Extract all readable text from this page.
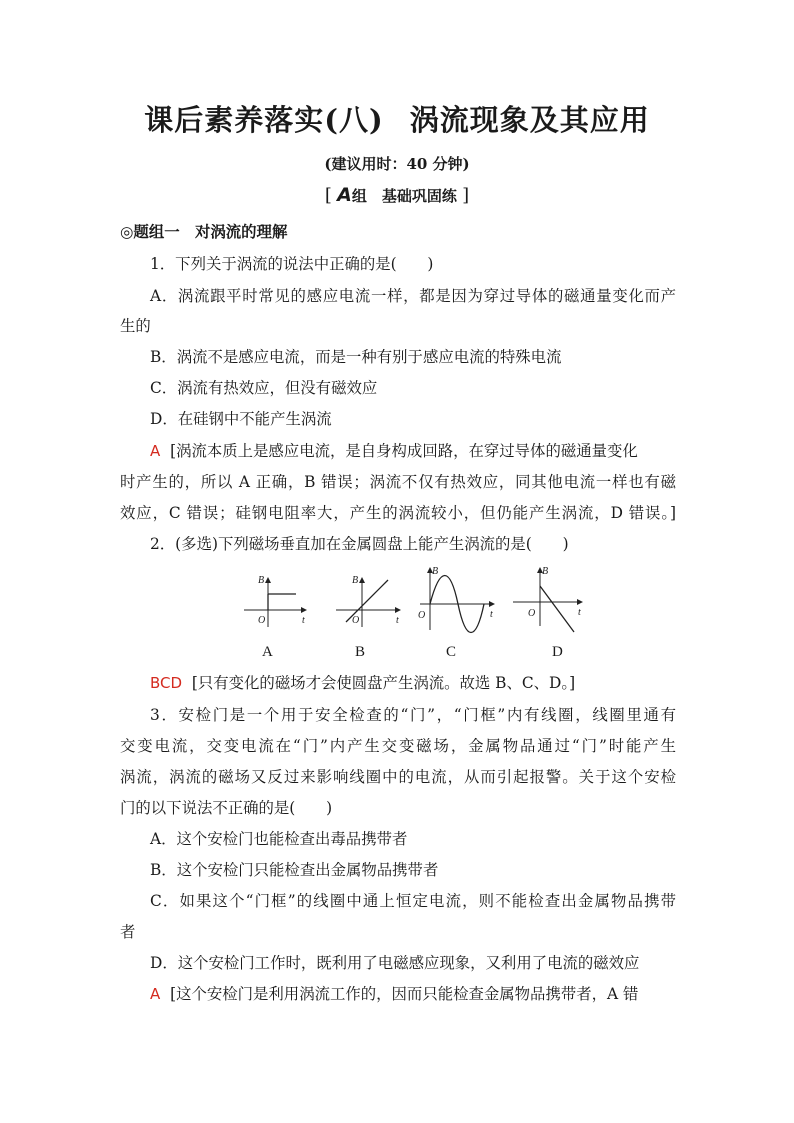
课后素养落实(八) 涡流现象及其应用
(建议用时：40 分钟)
[ A组　基础巩固练 ]
◎题组一　对涡流的理解
1．下列关于涡流的说法中正确的是(　　)
A．涡流跟平时常见的感应电流一样，都是因为穿过导体的磁通量变化而产
生的
B．涡流不是感应电流，而是一种有别于感应电流的特殊电流
C．涡流有热效应，但没有磁效应
D．在硅钢中不能产生涡流
A [涡流本质上是感应电流，是自身构成回路，在穿过导体的磁通量变化
时产生的，所以 A 正确，B 错误；涡流不仅有热效应，同其他电流一样也有磁
效应，C 错误；硅钢电阻率大，产生的涡流较小，但仍能产生涡流，D 错误。]
2．(多选)下列磁场垂直加在金属圆盘上能产生涡流的是(　　)
B
t
O
B
t
O
B
t
O
B
t
O
A	B	C	D
BCD [只有变化的磁场才会使圆盘产生涡流。故选 B、C、D。]
3．安检门是一个用于安全检查的“门”，“门框”内有线圈，线圈里通有
交变电流，交变电流在“门”内产生交变磁场，金属物品通过“门”时能产生
涡流，涡流的磁场又反过来影响线圈中的电流，从而引起报警。关于这个安检
门的以下说法不正确的是(　　)
A．这个安检门也能检查出毒品携带者
B．这个安检门只能检查出金属物品携带者
C．如果这个“门框”的线圈中通上恒定电流，则不能检查出金属物品携带
者
D．这个安检门工作时，既利用了电磁感应现象，又利用了电流的磁效应
A [这个安检门是利用涡流工作的，因而只能检查金属物品携带者，A 错
